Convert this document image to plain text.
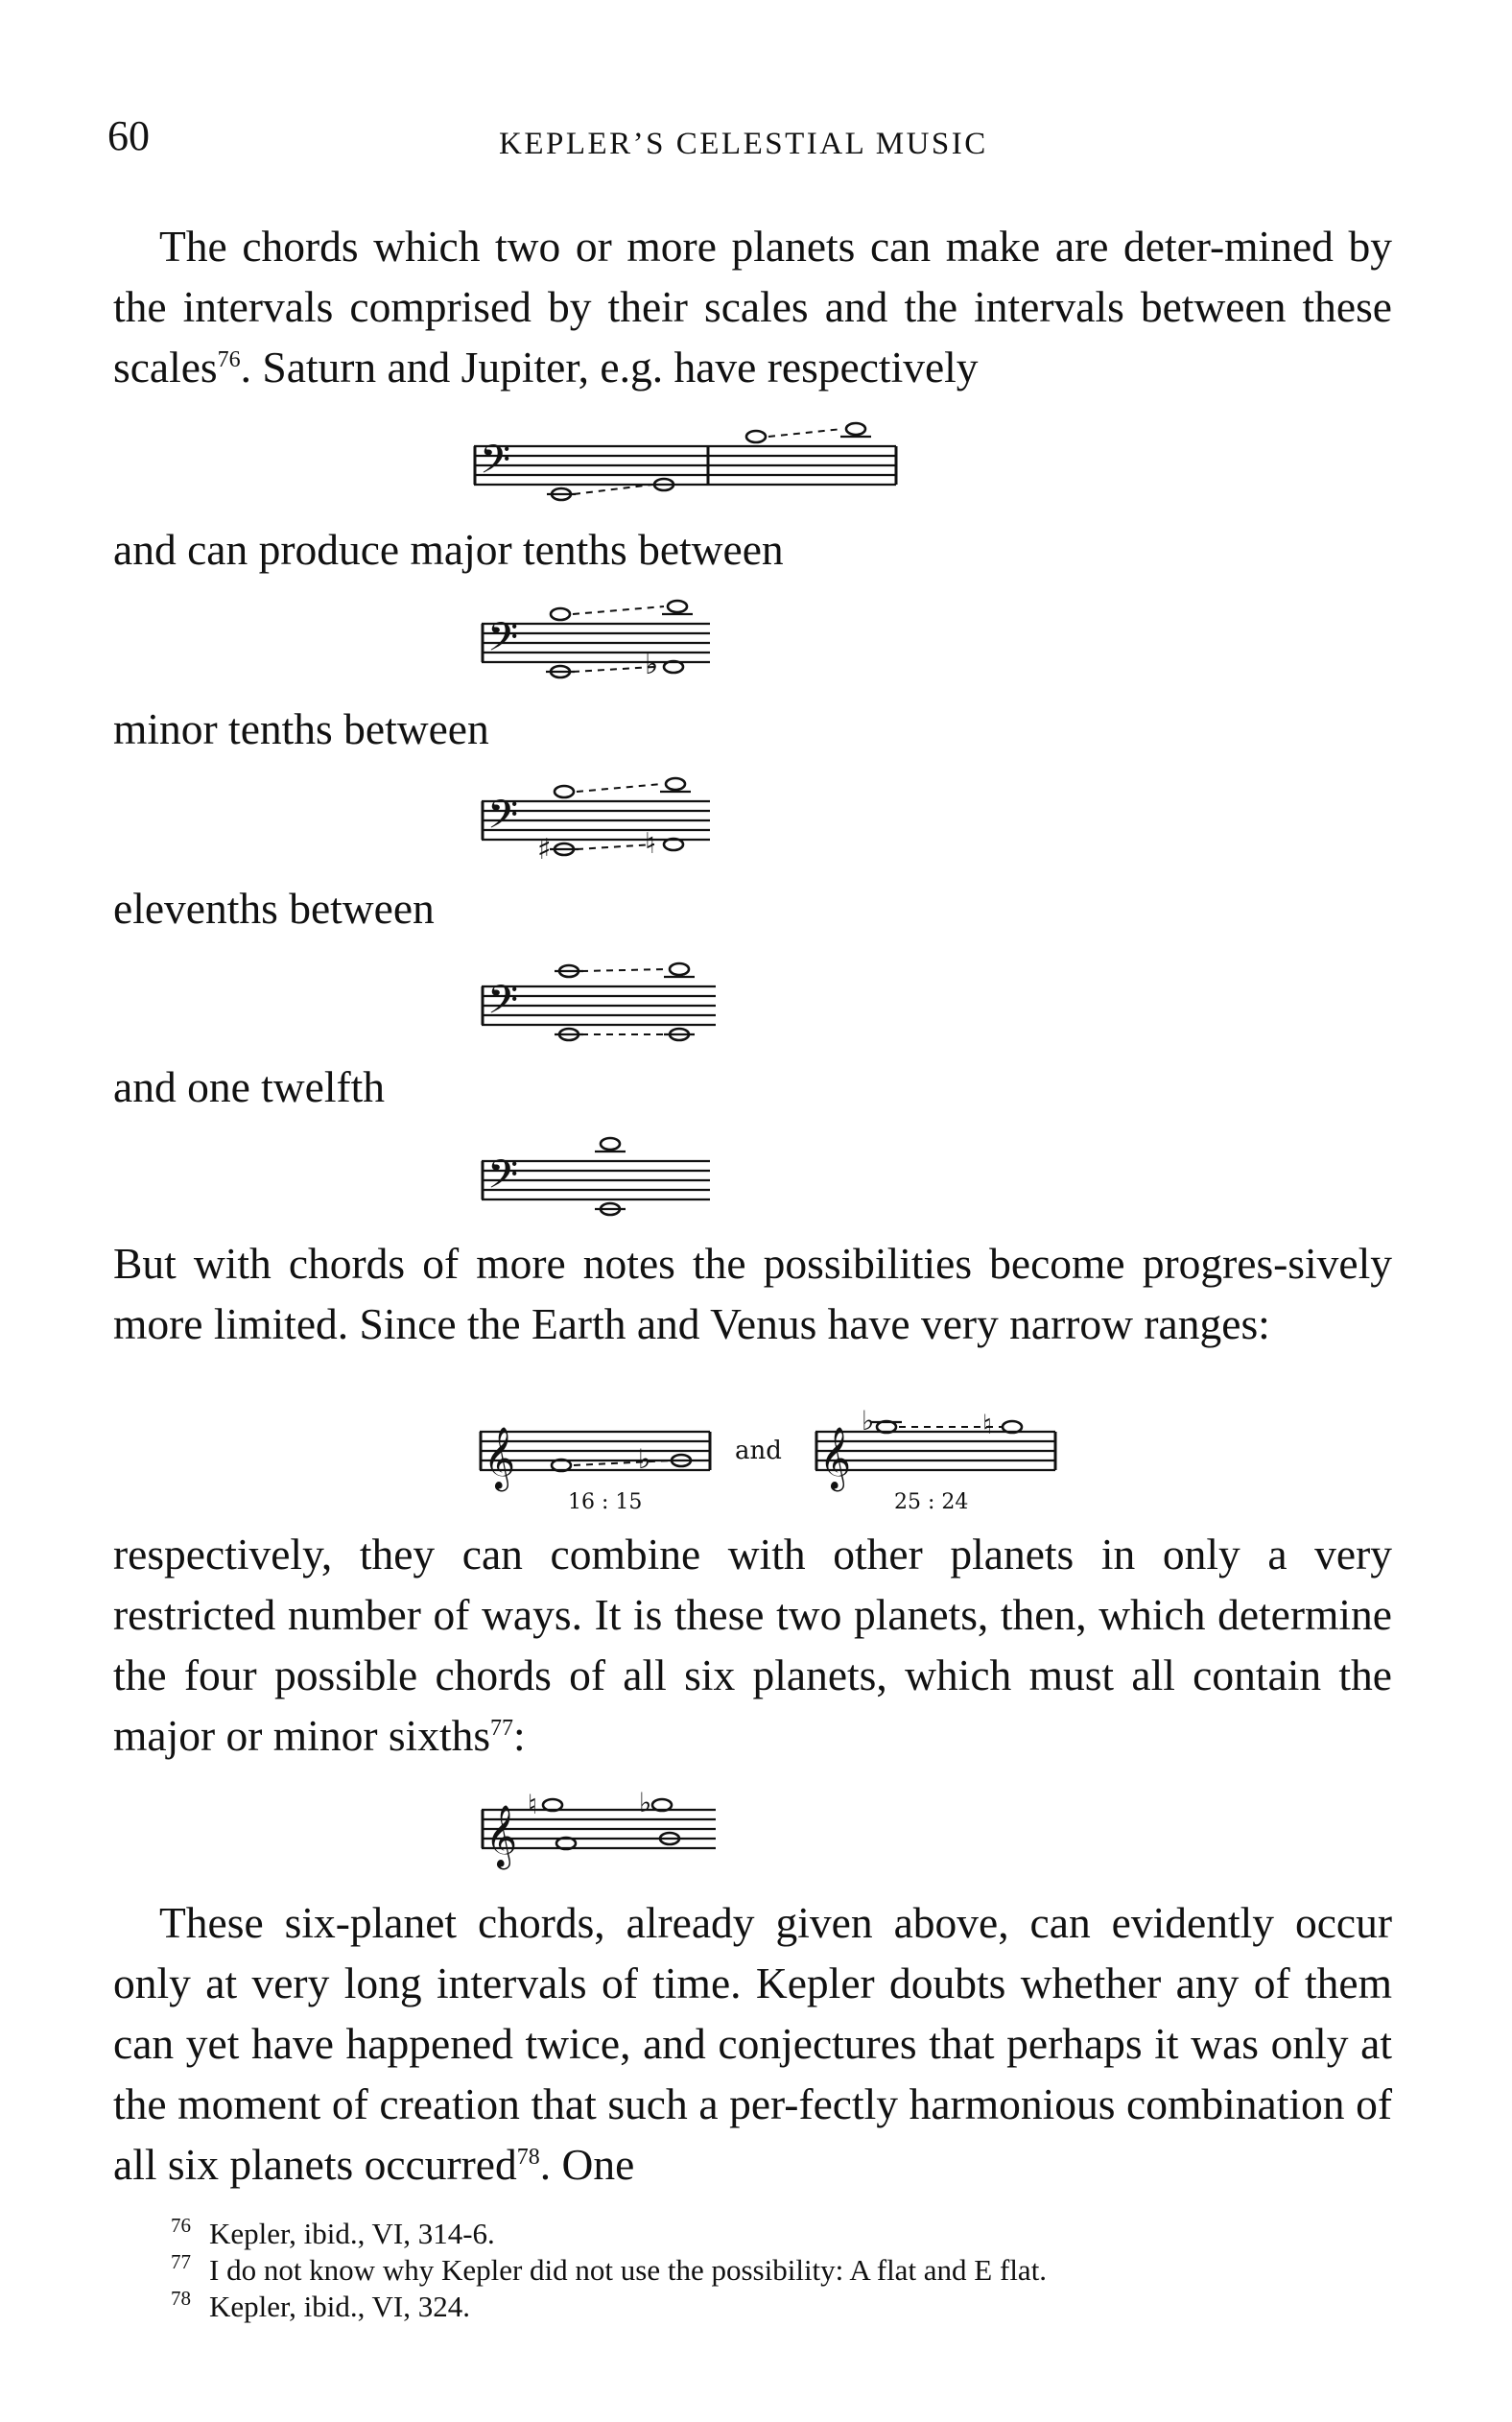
60	KEPLER’S CELESTIAL MUSIC
The chords which two or more planets can make are deter-mined by the intervals comprised by their scales and the intervals between these scales$^{76}$. Saturn and Jupiter, e.g. have respectively
𝄢
and can produce major tenths between
𝄢	♭
minor tenths between
𝄢
♯	♮
elevenths between
𝄢
and one twelfth
𝄢
But with chords of more notes the possibilities become progres-sively more limited. Since the Earth and Venus have very narrow ranges:
𝄞	♭
16 : 15
and 𝄞
♭	♮
25 : 24
respectively, they can combine with other planets in only a very restricted number of ways. It is these two planets, then, which determine the four possible chords of all six planets, which must all contain the major or minor sixths$^{77}$:
𝄞
♮	♭
These six-planet chords, already given above, can evidently occur only at very long intervals of time. Kepler doubts whether any of them can yet have happened twice, and conjectures that perhaps it was only at the moment of creation that such a per-fectly harmonious combination of all six planets occurred$^{78}$. One
76 Kepler, ibid., VI, 314-6.
77 I do not know why Kepler did not use the possibility: A flat and E flat.
78 Kepler, ibid., VI, 324.
